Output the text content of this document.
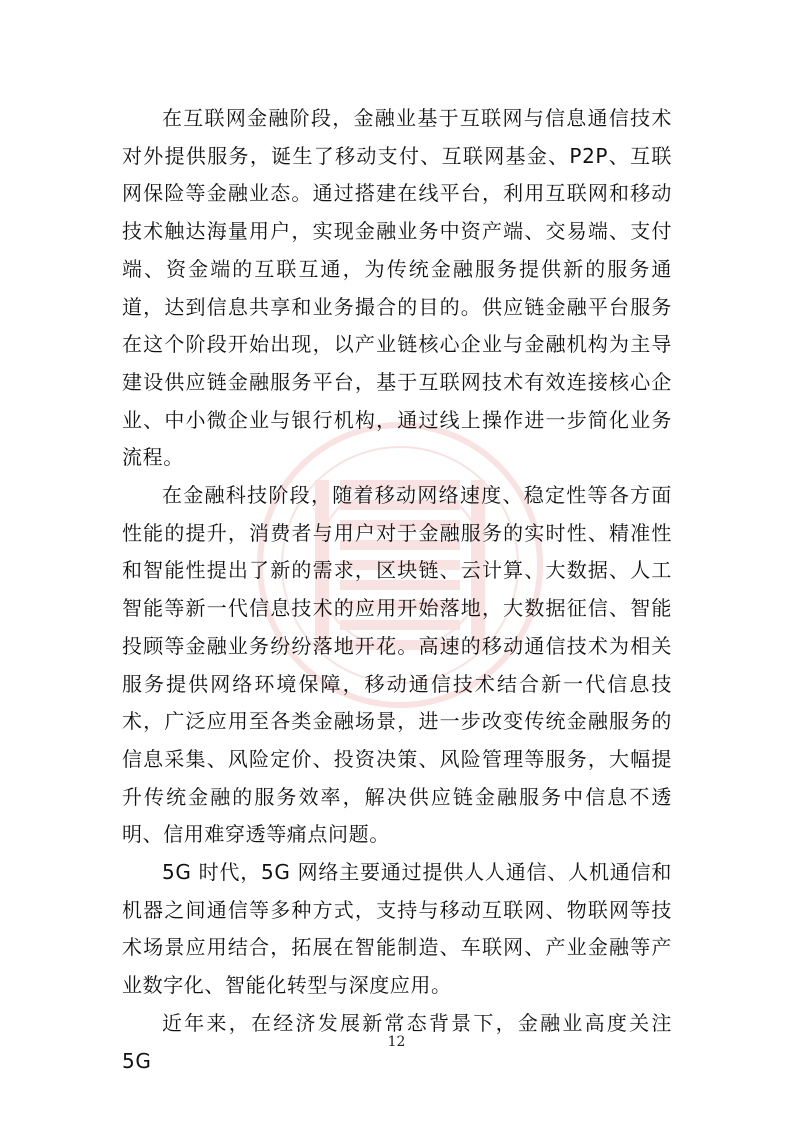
在互联网金融阶段，金融业基于互联网与信息通信技术对外提供服务，诞生了移动支付、互联网基金、P2P、互联网保险等金融业态。通过搭建在线平台，利用互联网和移动技术触达海量用户，实现金融业务中资产端、交易端、支付端、资金端的互联互通，为传统金融服务提供新的服务通道，达到信息共享和业务撮合的目的。供应链金融平台服务在这个阶段开始出现，以产业链核心企业与金融机构为主导建设供应链金融服务平台，基于互联网技术有效连接核心企业、中小微企业与银行机构，通过线上操作进一步简化业务流程。

在金融科技阶段，随着移动网络速度、稳定性等各方面性能的提升，消费者与用户对于金融服务的实时性、精准性和智能性提出了新的需求，区块链、云计算、大数据、人工智能等新一代信息技术的应用开始落地，大数据征信、智能投顾等金融业务纷纷落地开花。高速的移动通信技术为相关服务提供网络环境保障，移动通信技术结合新一代信息技术，广泛应用至各类金融场景，进一步改变传统金融服务的信息采集、风险定价、投资决策、风险管理等服务，大幅提升传统金融的服务效率，解决供应链金融服务中信息不透明、信用难穿透等痛点问题。

5G 时代，5G 网络主要通过提供人人通信、人机通信和机器之间通信等多种方式，支持与移动互联网、物联网等技术场景应用结合，拓展在智能制造、车联网、产业金融等产业数字化、智能化转型与深度应用。

近年来，在经济发展新常态背景下，金融业高度关注 5G

12
